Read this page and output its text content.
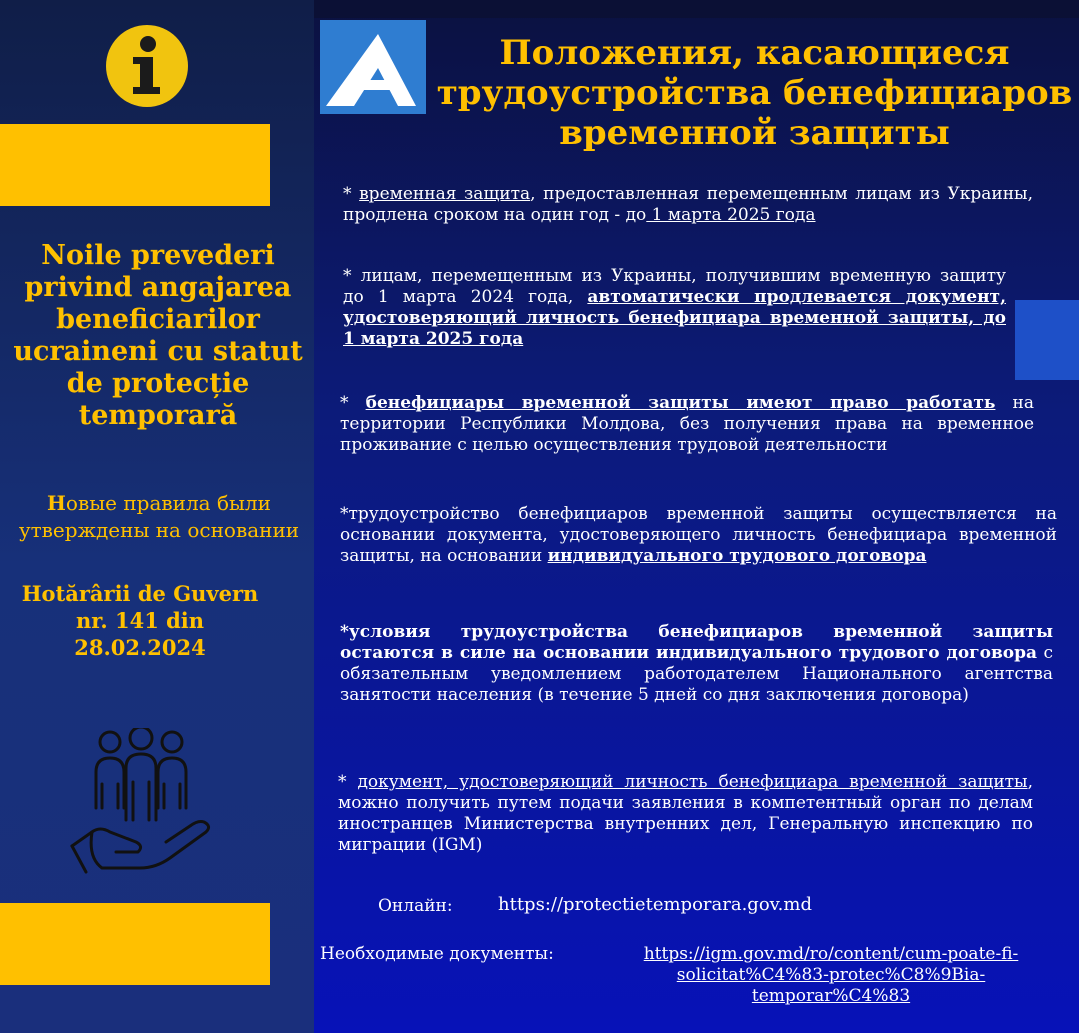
Noile prevederi privind angajarea beneficiarilor ucraineni cu statut de protecție temporară
Новые правила были утверждены на основании
Hotărârii de Guvern nr. 141 din 28.02.2024
Положения, касающиеся трудоустройства бенефициаров временной защиты
* временная защита, предоставленная перемещенным лицам из Украины, продлена сроком на один год - до 1 марта 2025 года
* лицам, перемещенным из Украины, получившим временную защиту до 1 марта 2024 года, автоматически продлевается документ, удостоверяющий личность бенефициара временной защиты, до 1 марта 2025 года
* бенефициары временной защиты имеют право работать на территории Республики Молдова, без получения права на временное проживание с целью осуществления трудовой деятельности
*трудоустройство бенефициаров временной защиты осуществляется на основании документа, удостоверяющего личность бенефициара временной защиты, на основании индивидуального трудового договора
*условия трудоустройства бенефициаров временной защиты остаются в силе на основании индивидуального трудового договора с обязательным уведомлением работодателем Национального агентства занятости населения (в течение 5 дней со дня заключения договора)
* документ, удостоверяющий личность бенефициара временной защиты, можно получить путем подачи заявления в компетентный орган по делам иностранцев Министерства внутренних дел, Генеральную инспекцию по миграции (IGM)
Онлайн:	https://protectietemporara.gov.md
Необходимые документы:	https://igm.gov.md/ro/content/cum-poate-fi-solicitat%C4%83-protec%C8%9Bia-temporar%C4%83
